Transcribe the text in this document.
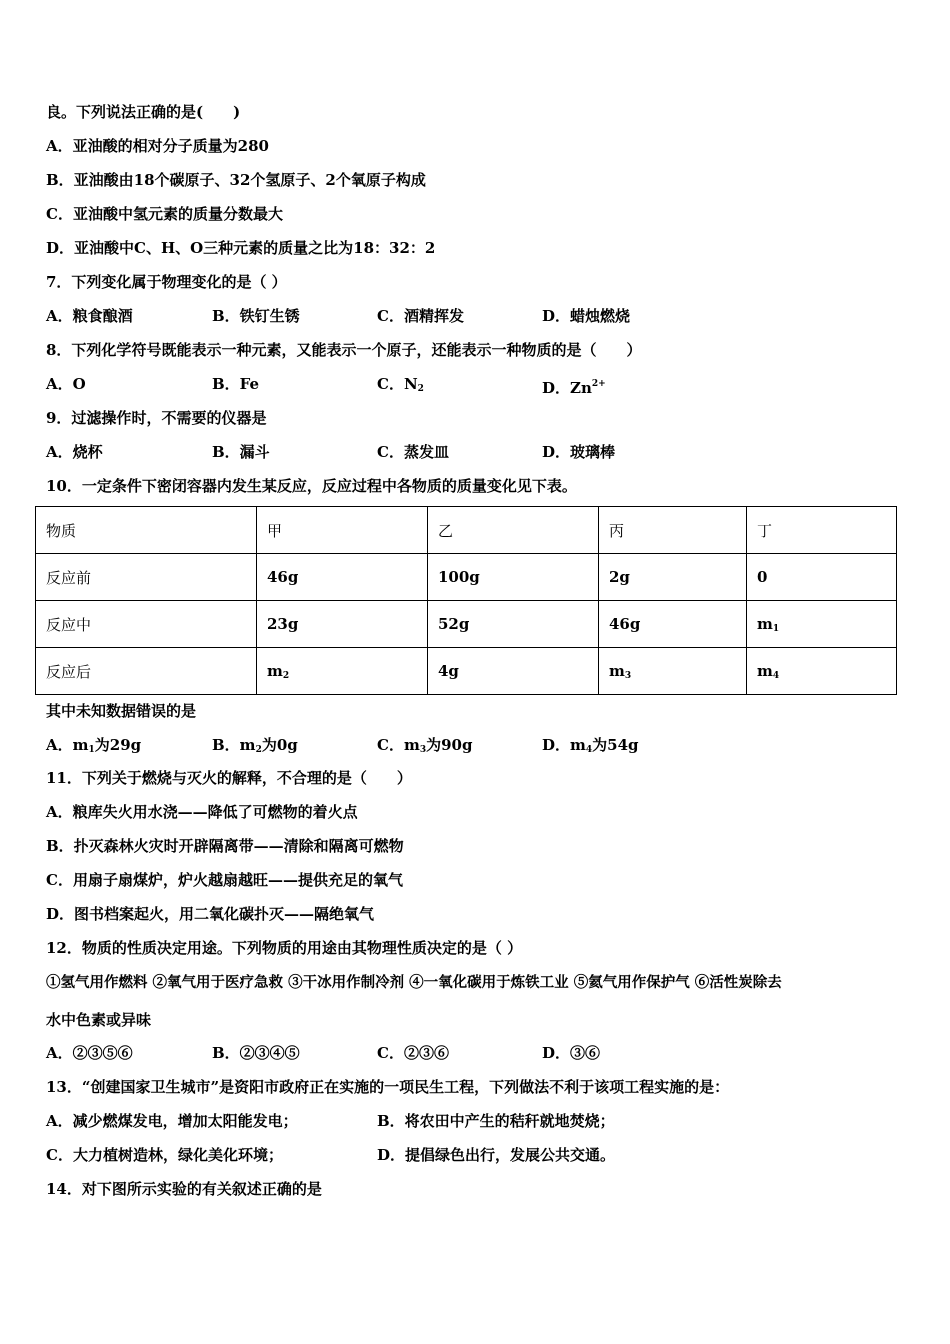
良。下列说法正确的是(　　)
A．亚油酸的相对分子质量为280
B．亚油酸由18个碳原子、32个氢原子、2个氧原子构成
C．亚油酸中氢元素的质量分数最大
D．亚油酸中C、H、O三种元素的质量之比为18：32：2
7．下列变化属于物理变化的是（ ）
A．粮食酿酒	B．铁钉生锈	C．酒精挥发	D．蜡烛燃烧
8．下列化学符号既能表示一种元素，又能表示一个原子，还能表示一种物质的是（　　）
A．O	B．Fe	C．$N_2$	D．$Zn^{2+}$
9．过滤操作时，不需要的仪器是
A．烧杯	B．漏斗	C．蒸发皿	D．玻璃棒
10．一定条件下密闭容器内发生某反应，反应过程中各物质的质量变化见下表。
物质	甲	乙	丙	丁
反应前	46g	100g	2g	0
反应中	23g	52g	46g	$m_1$
反应后	$m_2$	4g	$m_3$	$m_4$
其中未知数据错误的是
A．$m_1$为29g	B．$m_2$为0g	C．$m_3$为90g	D．$m_4$为54g
11．下列关于燃烧与灭火的解释，不合理的是（　　）
A．粮库失火用水浇——降低了可燃物的着火点
B．扑灭森林火灾时开辟隔离带——清除和隔离可燃物
C．用扇子扇煤炉，炉火越扇越旺——提供充足的氧气
D．图书档案起火，用二氧化碳扑灭——隔绝氧气
12．物质的性质决定用途。下列物质的用途由其物理性质决定的是（ ）
①氢气用作燃料 ②氧气用于医疗急救 ③干冰用作制冷剂 ④一氧化碳用于炼铁工业 ⑤氦气用作保护气 ⑥活性炭除去
水中色素或异味
A．②③⑤⑥	B．②③④⑤	C．②③⑥	D．③⑥
13．“创建国家卫生城市”是资阳市政府正在实施的一项民生工程，下列做法不利于该项工程实施的是：
A．减少燃煤发电，增加太阳能发电；	B．将农田中产生的秸秆就地焚烧；
C．大力植树造林，绿化美化环境；	D．提倡绿色出行，发展公共交通。
14．对下图所示实验的有关叙述正确的是
